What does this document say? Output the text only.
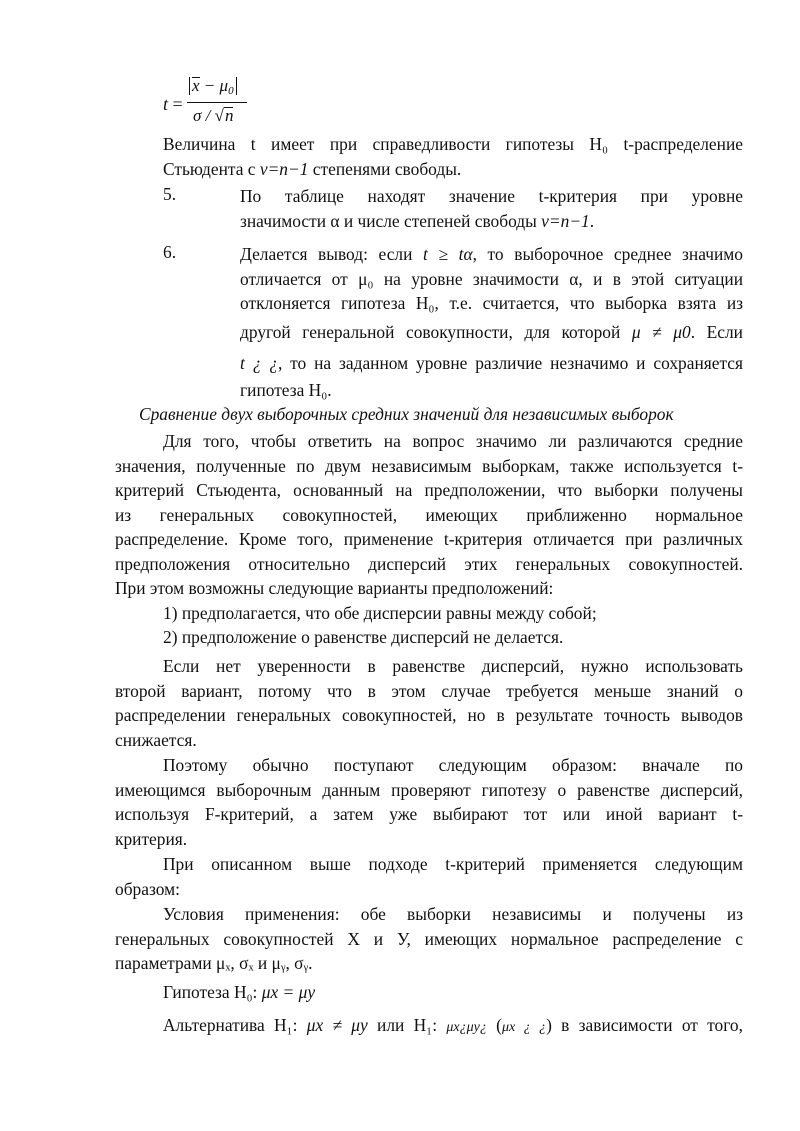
t =
$x - \mu_0$
σ / √n
Величина t имеет при справедливости гипотезы H₀ t-распределение
Стьюдента с ν=n−1 степенями свободы.
5.	По таблице находят значение t-критерия при уровне
значимости α и числе степеней свободы ν=n−1.
6.	Делается вывод: если t ≥ tα, то выборочное среднее значимо
отличается от μ₀ на уровне значимости α, и в этой ситуации
отклоняется гипотеза H₀, т.е. считается, что выборка взята из
другой генеральной совокупности, для которой μ ≠ μ0. Если
t ¿ ¿, то на заданном уровне различие незначимо и сохраняется
гипотеза H₀.
Сравнение двух выборочных средних значений для независимых выборок
Для того, чтобы ответить на вопрос значимо ли различаются средние
значения, полученные по двум независимым выборкам, также используется t-
критерий Стьюдента, основанный на предположении, что выборки получены
из генеральных совокупностей, имеющих приближенно нормальное
распределение. Кроме того, применение t-критерия отличается при различных
предположения относительно дисперсий этих генеральных совокупностей.
При этом возможны следующие варианты предположений:
1) предполагается, что обе дисперсии равны между собой;
2) предположение о равенстве дисперсий не делается.
Если нет уверенности в равенстве дисперсий, нужно использовать
второй вариант, потому что в этом случае требуется меньше знаний о
распределении генеральных совокупностей, но в результате точность выводов
снижается.
Поэтому обычно поступают следующим образом: вначале по
имеющимся выборочным данным проверяют гипотезу о равенстве дисперсий,
используя F-критерий, а затем уже выбирают тот или иной вариант t-
критерия.
При описанном выше подходе t-критерий применяется следующим
образом:
Условия применения: обе выборки независимы и получены из
генеральных совокупностей X и У, имеющих нормальное распределение с
параметрами μₓ, σₓ и μᵧ, σᵧ.
Гипотеза H₀: μx = μy
Альтернатива H₁: μx ≠ μy или H₁: μx¿μy¿ (μx ¿ ¿) в зависимости от того,
